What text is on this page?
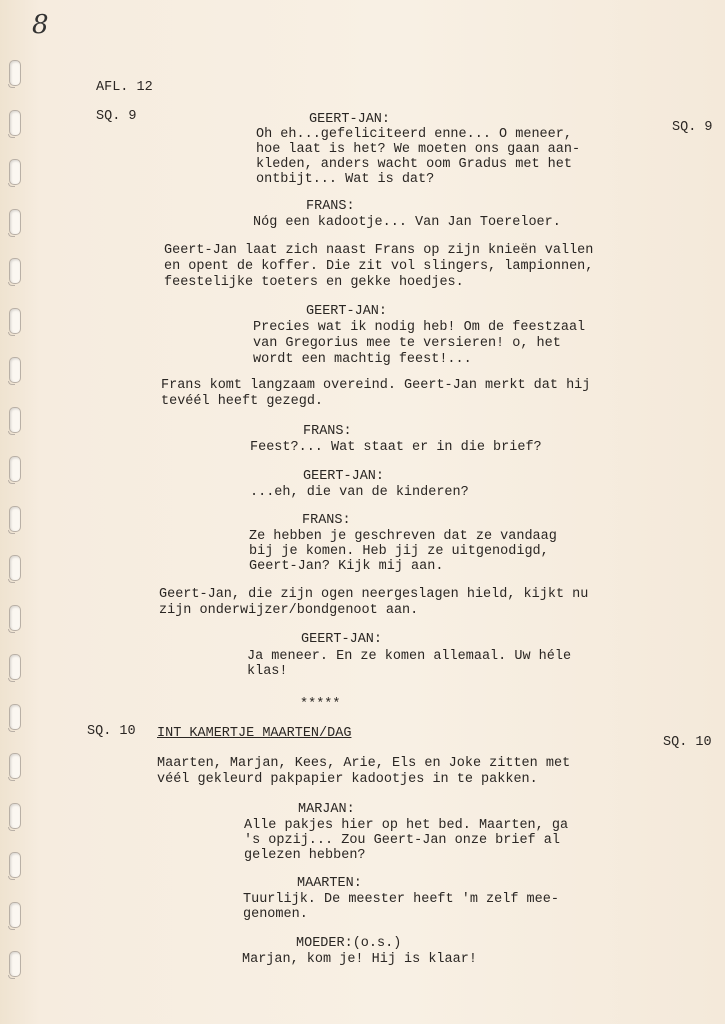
8
AFL. 12
SQ. 9
SQ. 9
GEERT-JAN:
Oh eh...gefeliciteerd enne... O meneer,
hoe laat is het? We moeten ons gaan aan-
kleden, anders wacht oom Gradus met het
ontbijt... Wat is dat?
FRANS:
Nóg een kadootje... Van Jan Toereloer.
Geert-Jan laat zich naast Frans op zijn knieën vallen
en opent de koffer. Die zit vol slingers, lampionnen,
feestelijke toeters en gekke hoedjes.
GEERT-JAN:
Precies wat ik nodig heb! Om de feestzaal
van Gregorius mee te versieren! o, het
wordt een machtig feest!...
Frans komt langzaam overeind. Geert-Jan merkt dat hij
tevéél heeft gezegd.
FRANS:
Feest?... Wat staat er in die brief?
GEERT-JAN:
...eh, die van de kinderen?
FRANS:
Ze hebben je geschreven dat ze vandaag
bij je komen. Heb jij ze uitgenodigd,
Geert-Jan? Kijk mij aan.
Geert-Jan, die zijn ogen neergeslagen hield, kijkt nu
zijn onderwijzer/bondgenoot aan.
GEERT-JAN:
Ja meneer. En ze komen allemaal. Uw héle
klas!
*****
SQ. 10 INT KAMERTJE MAARTEN/DAG
SQ. 10
Maarten, Marjan, Kees, Arie, Els en Joke zitten met
véél gekleurd pakpapier kadootjes in te pakken.
MARJAN:
Alle pakjes hier op het bed. Maarten, ga
's opzij... Zou Geert-Jan onze brief al
gelezen hebben?
MAARTEN:
Tuurlijk. De meester heeft 'm zelf mee-
genomen.
MOEDER:(o.s.)
Marjan, kom je! Hij is klaar!
